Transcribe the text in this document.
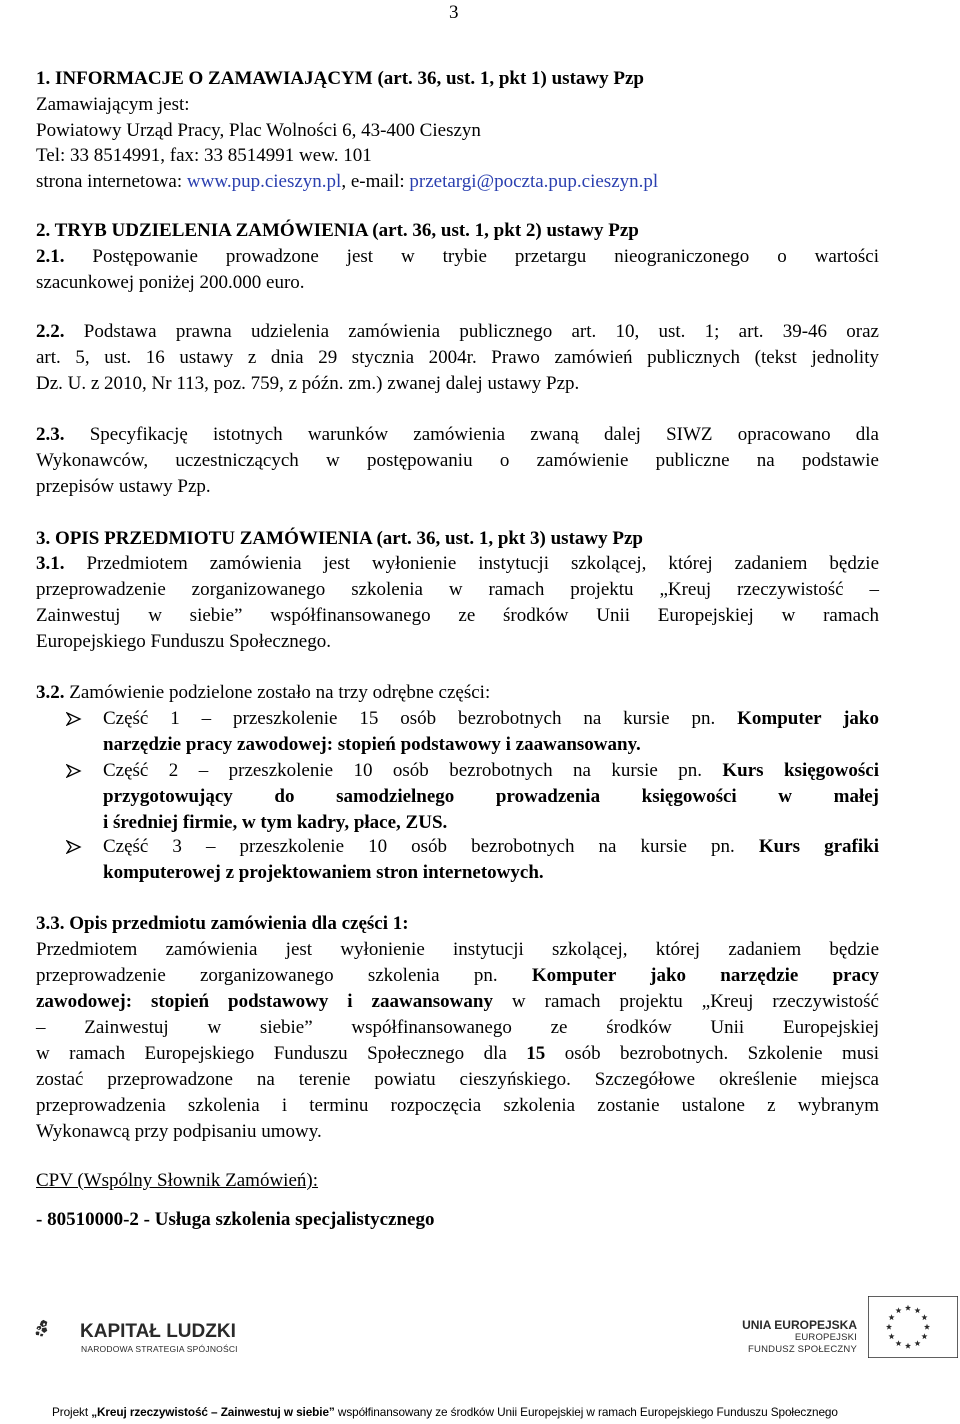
3
1. INFORMACJE O ZAMAWIAJĄCYM (art. 36, ust. 1, pkt 1) ustawy Pzp
Zamawiającym jest:
Powiatowy Urząd Pracy, Plac Wolności 6, 43-400 Cieszyn
Tel: 33 8514991, fax: 33 8514991 wew. 101
strona internetowa: www.pup.cieszyn.pl, e-mail: przetargi@poczta.pup.cieszyn.pl
2. TRYB UDZIELENIA ZAMÓWIENIA (art. 36, ust. 1, pkt 2) ustawy Pzp
2.1. Postępowanie prowadzone jest w trybie przetargu nieograniczonego o wartości
szacunkowej poniżej 200.000 euro.
2.2. Podstawa prawna udzielenia zamówienia publicznego art. 10, ust. 1; art. 39-46 oraz
art. 5, ust. 16 ustawy z dnia 29 stycznia 2004r. Prawo zamówień publicznych (tekst jednolity
Dz. U. z 2010, Nr 113, poz. 759, z późn. zm.) zwanej dalej ustawy Pzp.
2.3. Specyfikację istotnych warunków zamówienia zwaną dalej SIWZ opracowano dla
Wykonawców, uczestniczących w postępowaniu o zamówienie publiczne na podstawie
przepisów ustawy Pzp.
3. OPIS PRZEDMIOTU ZAMÓWIENIA (art. 36, ust. 1, pkt 3) ustawy Pzp
3.1. Przedmiotem zamówienia jest wyłonienie instytucji szkolącej, której zadaniem będzie
przeprowadzenie zorganizowanego szkolenia w ramach projektu „Kreuj rzeczywistość –
Zainwestuj w siebie” współfinansowanego ze środków Unii Europejskiej w ramach
Europejskiego Funduszu Społecznego.
3.2. Zamówienie podzielone zostało na trzy odrębne części:
Część 1 – przeszkolenie 15 osób bezrobotnych na kursie pn. Komputer jako
narzędzie pracy zawodowej: stopień podstawowy i zaawansowany.
Część 2 – przeszkolenie 10 osób bezrobotnych na kursie pn. Kurs księgowości
przygotowujący do samodzielnego prowadzenia księgowości w małej
i średniej firmie, w tym kadry, płace, ZUS.
Część 3 – przeszkolenie 10 osób bezrobotnych na kursie pn. Kurs grafiki
komputerowej z projektowaniem stron internetowych.
3.3. Opis przedmiotu zamówienia dla części 1:
Przedmiotem zamówienia jest wyłonienie instytucji szkolącej, której zadaniem będzie
przeprowadzenie zorganizowanego szkolenia pn. Komputer jako narzędzie pracy
zawodowej: stopień podstawowy i zaawansowany w ramach projektu „Kreuj rzeczywistość
– Zainwestuj w siebie” współfinansowanego ze środków Unii Europejskiej
w ramach Europejskiego Funduszu Społecznego dla 15 osób bezrobotnych. Szkolenie musi
zostać przeprowadzone na terenie powiatu cieszyńskiego. Szczegółowe określenie miejsca
przeprowadzenia szkolenia i terminu rozpoczęcia szkolenia zostanie ustalone z wybranym
Wykonawcą przy podpisaniu umowy.
CPV (Wspólny Słownik Zamówień):
- 80510000-2 - Usługa szkolenia specjalistycznego
KAPITAŁ LUDZKI
NARODOWA STRATEGIA SPÓJNOŚCI
UNIA EUROPEJSKA
EUROPEJSKI
FUNDUSZ SPOŁECZNY
Projekt „Kreuj rzeczywistość – Zainwestuj w siebie” współfinansowany ze środków Unii Europejskiej w ramach Europejskiego Funduszu Społecznego
